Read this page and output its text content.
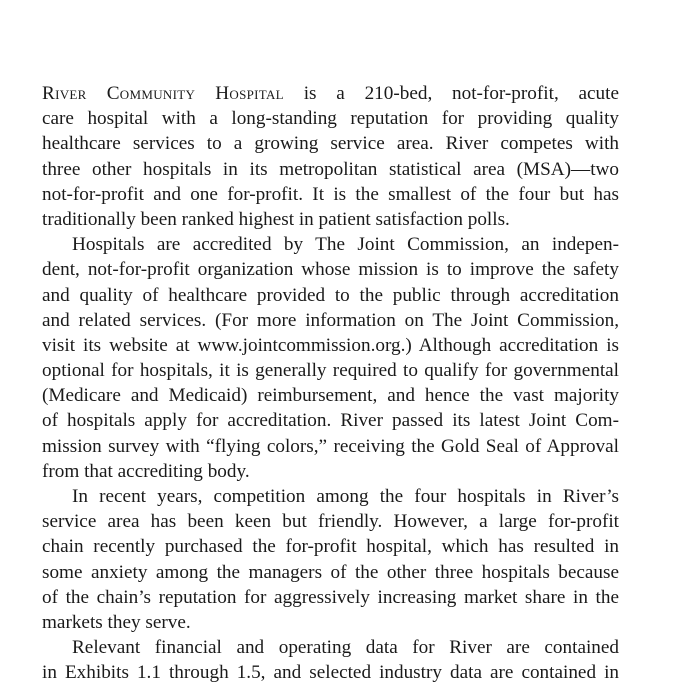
River Community Hospital is a 210-bed, not-for-profit, acute
care hospital with a long-standing reputation for providing quality
healthcare services to a growing service area. River competes with
three other hospitals in its metropolitan statistical area (MSA)—two
not-for-profit and one for-profit. It is the smallest of the four but has
traditionally been ranked highest in patient satisfaction polls.
Hospitals are accredited by The Joint Commission, an indepen-
dent, not-for-profit organization whose mission is to improve the safety
and quality of healthcare provided to the public through accreditation
and related services. (For more information on The Joint Commission,
visit its website at www.jointcommission.org.) Although accreditation is
optional for hospitals, it is generally required to qualify for governmental
(Medicare and Medicaid) reimbursement, and hence the vast majority
of hospitals apply for accreditation. River passed its latest Joint Com-
mission survey with “flying colors,” receiving the Gold Seal of Approval
from that accrediting body.
In recent years, competition among the four hospitals in River’s
service area has been keen but friendly. However, a large for-profit
chain recently purchased the for-profit hospital, which has resulted in
some anxiety among the managers of the other three hospitals because
of the chain’s reputation for aggressively increasing market share in the
markets they serve.
Relevant financial and operating data for River are contained
in Exhibits 1.1 through 1.5, and selected industry data are contained in
